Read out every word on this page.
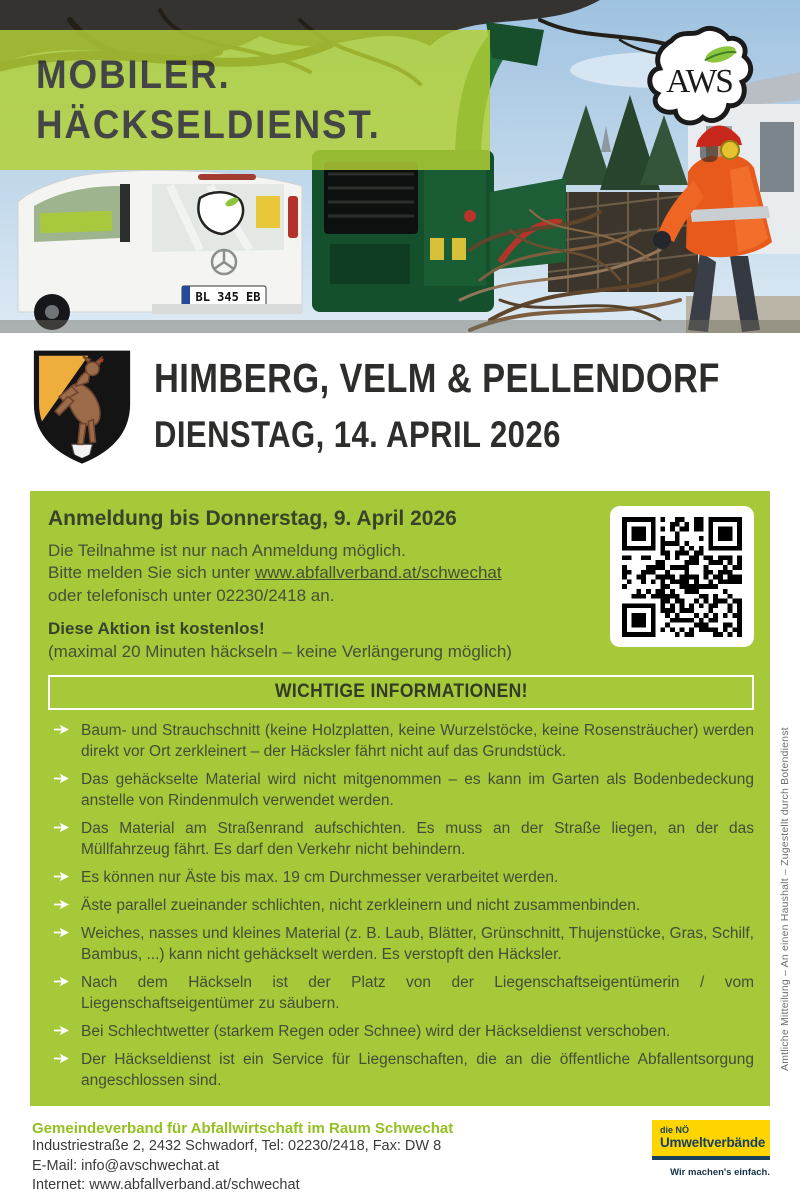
BL 345 EB
MOBILER.
HÄCKSELDIENST.
AWS
HIMBERG, VELM & PELLENDORF
DIENSTAG, 14. APRIL 2026
Anmeldung bis Donnerstag, 9. April 2026

Die Teilnahme ist nur nach Anmeldung möglich.

Bitte melden Sie sich unter www.abfallverband.at/schwechat

oder telefonisch unter 02230/2418 an.

Diese Aktion ist kostenlos!

(maximal 20 Minuten häckseln – keine Verlängerung möglich)

WICHTIGE INFORMATIONEN!
Baum- und Strauchschnitt (keine Holzplatten, keine Wurzelstöcke, keine Rosensträucher) werden direkt vor Ort zerkleinert – der Häcksler fährt nicht auf das Grundstück.
Das gehäckselte Material wird nicht mitgenommen – es kann im Garten als Bodenbedeckung anstelle von Rindenmulch verwendet werden.
Das Material am Straßenrand aufschichten. Es muss an der Straße liegen, an der das Müllfahrzeug fährt. Es darf den Verkehr nicht behindern.
Es können nur Äste bis max. 19 cm Durchmesser verarbeitet werden.
Äste parallel zueinander schlichten, nicht zerkleinern und nicht zusammenbinden.
Weiches, nasses und kleines Material (z. B. Laub, Blätter, Grünschnitt, Thujenstücke, Gras, Schilf, Bambus, ...) kann nicht gehäckselt werden. Es verstopft den Häcksler.
Nach dem Häckseln ist der Platz von der Liegenschaftseigentümerin / vom Liegenschaftseigentümer zu säubern.
Bei Schlechtwetter (starkem Regen oder Schnee) wird der Häckseldienst verschoben.
Der Häckseldienst ist ein Service für Liegenschaften, die an die öffentliche Abfallentsorgung angeschlossen sind.

Gemeindeverband für Abfallwirtschaft im Raum Schwechat

Industriestraße 2, 2432 Schwadorf, Tel: 02230/2418, Fax: DW 8

E-Mail: info@avschwechat.at

Internet: www.abfallverband.at/schwechat

die NÖ
Umweltverbände
Wir machen's einfach.
Amtliche Mitteilung – An einen Haushalt – Zugestellt durch Botendienst
